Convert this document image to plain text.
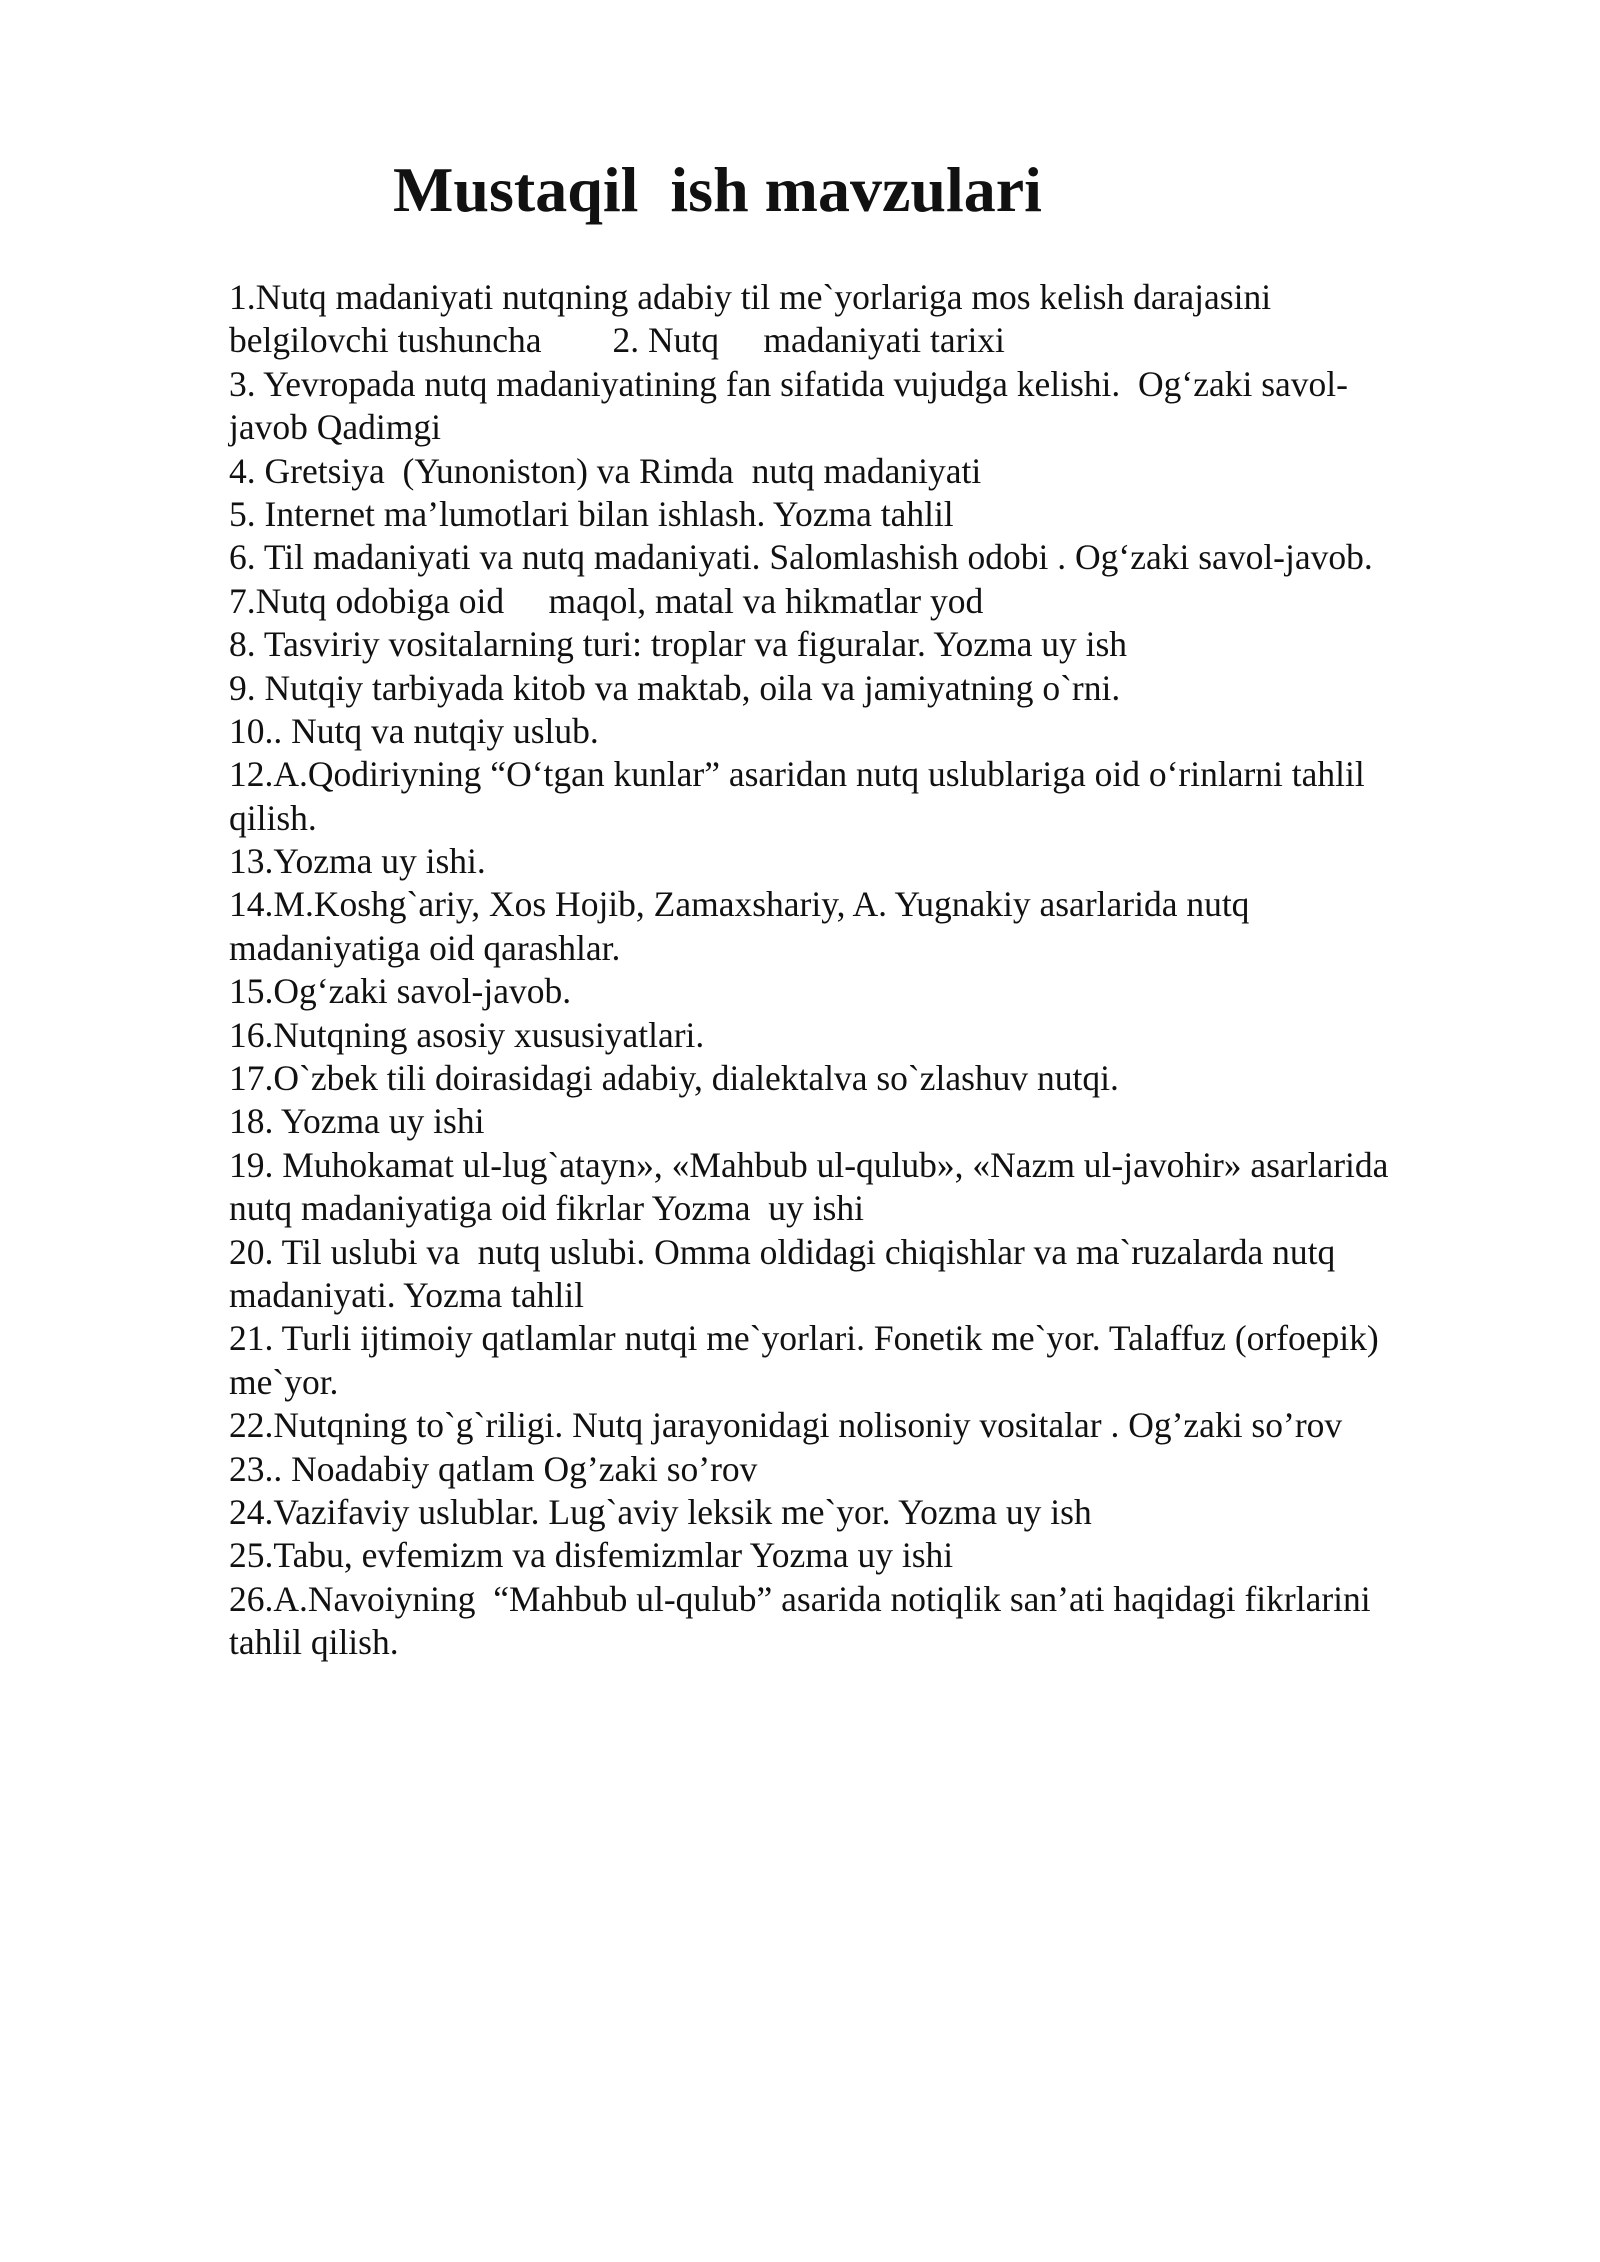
Mustaqil  ish mavzulari
1.Nutq madaniyati nutqning adabiy til me`yorlariga mos kelish darajasini
belgilovchi tushuncha        2. Nutq     madaniyati tarixi
3. Yevropada nutq madaniyatining fan sifatida vujudga kelishi.  Og‘zaki savol-
javob Qadimgi
4. Gretsiya  (Yunoniston) va Rimda  nutq madaniyati
5. Internet ma’lumotlari bilan ishlash. Yozma tahlil
6. Til madaniyati va nutq madaniyati. Salomlashish odobi . Og‘zaki savol-javob.
7.Nutq odobiga oid     maqol, matal va hikmatlar yod
8. Tasviriy vositalarning turi: troplar va figuralar. Yozma uy ish
9. Nutqiy tarbiyada kitob va maktab, oila va jamiyatning o`rni.
10.. Nutq va nutqiy uslub.
12.A.Qodiriyning “O‘tgan kunlar” asaridan nutq uslublariga oid o‘rinlarni tahlil
qilish.
13.Yozma uy ishi.
14.M.Koshg`ariy, Xos Hojib, Zamaxshariy, A. Yugnakiy asarlarida nutq
madaniyatiga oid qarashlar.
15.Og‘zaki savol-javob.
16.Nutqning asosiy xususiyatlari.
17.O`zbek tili doirasidagi adabiy, dialektalva so`zlashuv nutqi.
18. Yozma uy ishi
19. Muhokamat ul-lug`atayn», «Mahbub ul-qulub», «Nazm ul-javohir» asarlarida
nutq madaniyatiga oid fikrlar Yozma  uy ishi
20. Til uslubi va  nutq uslubi. Omma oldidagi chiqishlar va ma`ruzalarda nutq
madaniyati. Yozma tahlil
21. Turli ijtimoiy qatlamlar nutqi me`yorlari. Fonetik me`yor. Talaffuz (orfoepik)
me`yor.
22.Nutqning to`g`riligi. Nutq jarayonidagi nolisoniy vositalar . Og’zaki so’rov
23.. Noadabiy qatlam Og’zaki so’rov
24.Vazifaviy uslublar. Lug`aviy leksik me`yor. Yozma uy ish
25.Tabu, evfemizm va disfemizmlar Yozma uy ishi
26.A.Navoiyning  “Mahbub ul-qulub” asarida notiqlik san’ati haqidagi fikrlarini
tahlil qilish.
